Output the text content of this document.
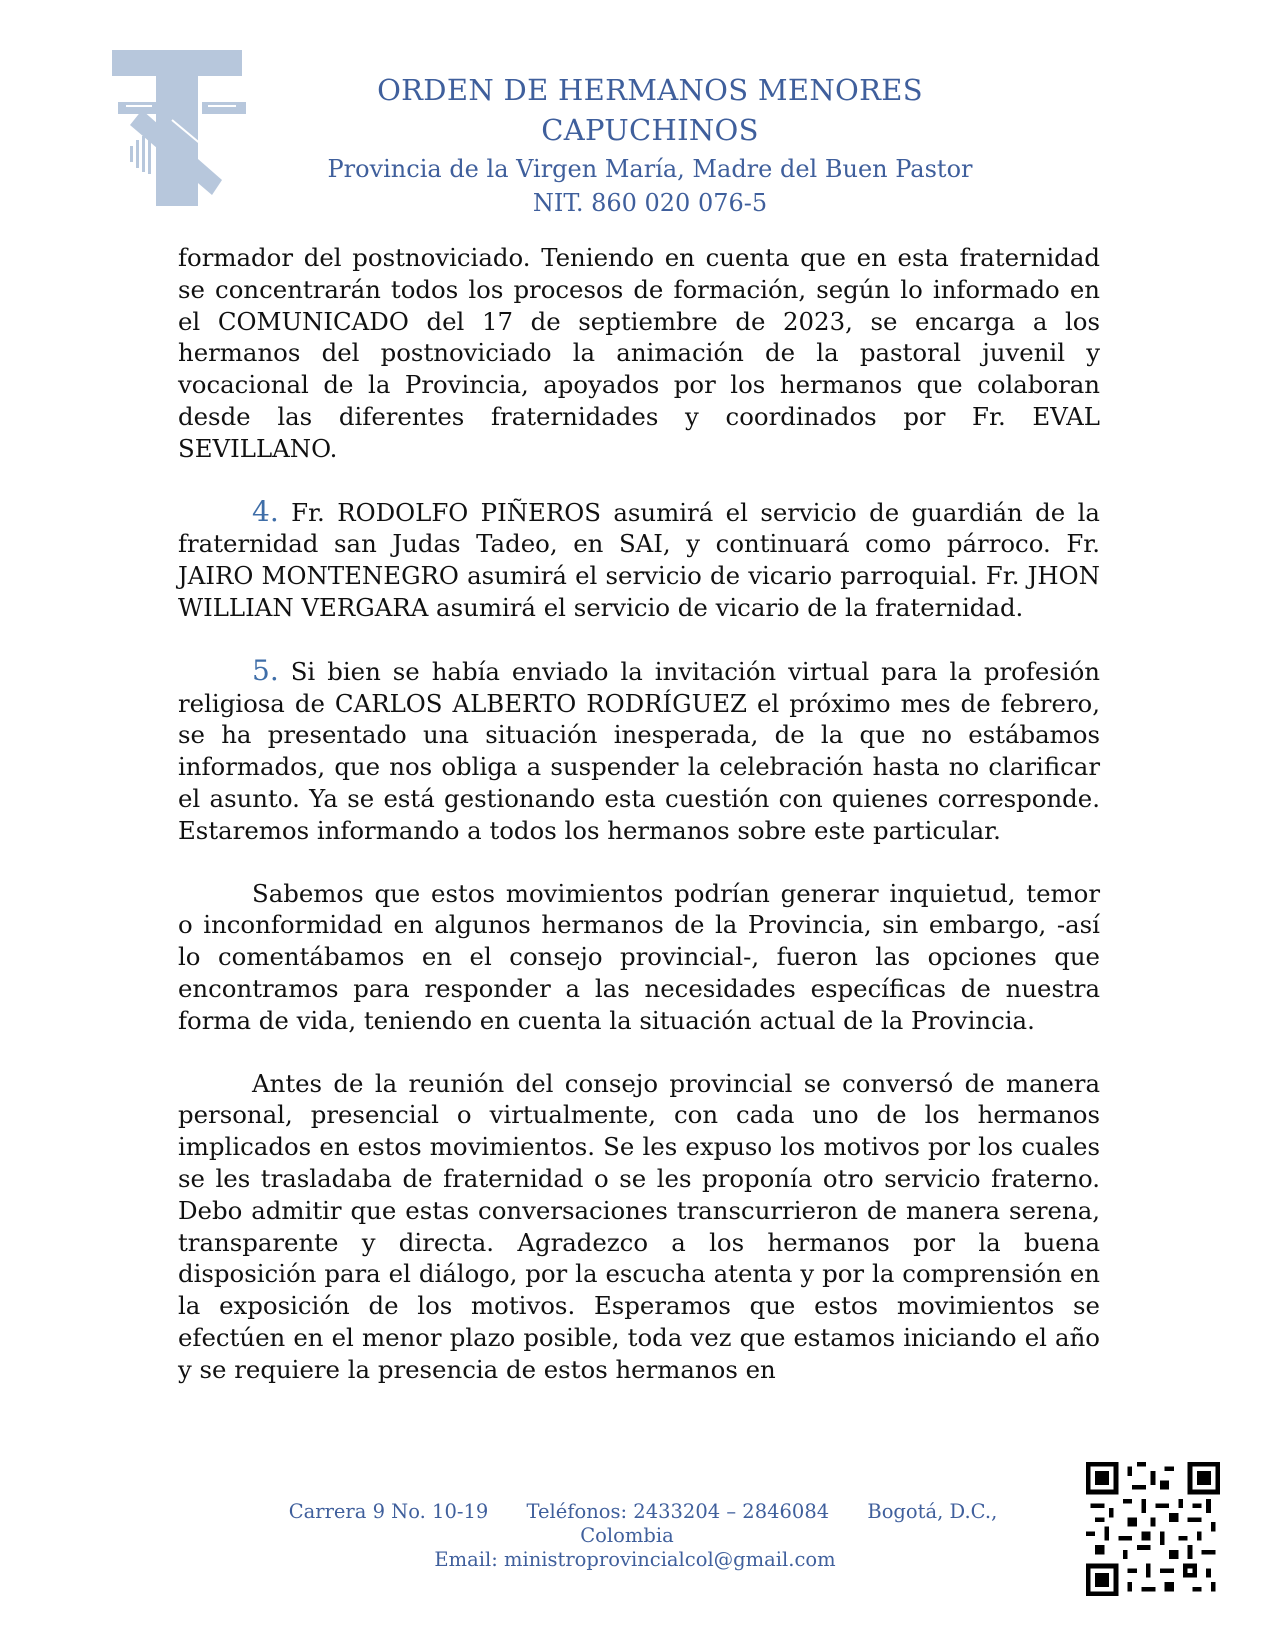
ORDEN DE HERMANOS MENORES CAPUCHINOS
Provincia de la Virgen María, Madre del Buen Pastor
NIT. 860 020 076-5

formador del postnoviciado. Teniendo en cuenta que en esta fraternidad se concentrarán todos los procesos de formación, según lo informado en el COMUNICADO del 17 de septiembre de 2023, se encarga a los hermanos del postnoviciado la animación de la pastoral juvenil y vocacional de la Provincia, apoyados por los hermanos que colaboran desde las diferentes fraternidades y coordinados por Fr. EVAL SEVILLANO.

4. Fr. RODOLFO PIÑEROS asumirá el servicio de guardián de la fraternidad san Judas Tadeo, en SAI, y continuará como párroco. Fr. JAIRO MONTENEGRO asumirá el servicio de vicario parroquial. Fr. JHON WILLIAN VERGARA asumirá el servicio de vicario de la fraternidad.

5. Si bien se había enviado la invitación virtual para la profesión religiosa de CARLOS ALBERTO RODRÍGUEZ el próximo mes de febrero, se ha presentado una situación inesperada, de la que no estábamos informados, que nos obliga a suspender la celebración hasta no clarificar el asunto. Ya se está gestionando esta cuestión con quienes corresponde. Estaremos informando a todos los hermanos sobre este particular.

Sabemos que estos movimientos podrían generar inquietud, temor o inconformidad en algunos hermanos de la Provincia, sin embargo, -así lo comentábamos en el consejo provincial-, fueron las opciones que encontramos para responder a las necesidades específicas de nuestra forma de vida, teniendo en cuenta la situación actual de la Provincia.

Antes de la reunión del consejo provincial se conversó de manera personal, presencial o virtualmente, con cada uno de los hermanos implicados en estos movimientos. Se les expuso los motivos por los cuales se les trasladaba de fraternidad o se les proponía otro servicio fraterno. Debo admitir que estas conversaciones transcurrieron de manera serena, transparente y directa. Agradezco a los hermanos por la buena disposición para el diálogo, por la escucha atenta y por la comprensión en la exposición de los motivos. Esperamos que estos movimientos se efectúen en el menor plazo posible, toda vez que estamos iniciando el año y se requiere la presencia de estos hermanos en

Carrera 9 No. 10-19 Teléfonos: 2433204 – 2846084 Bogotá, D.C., Colombia
Email: ministroprovincialcol@gmail.com
